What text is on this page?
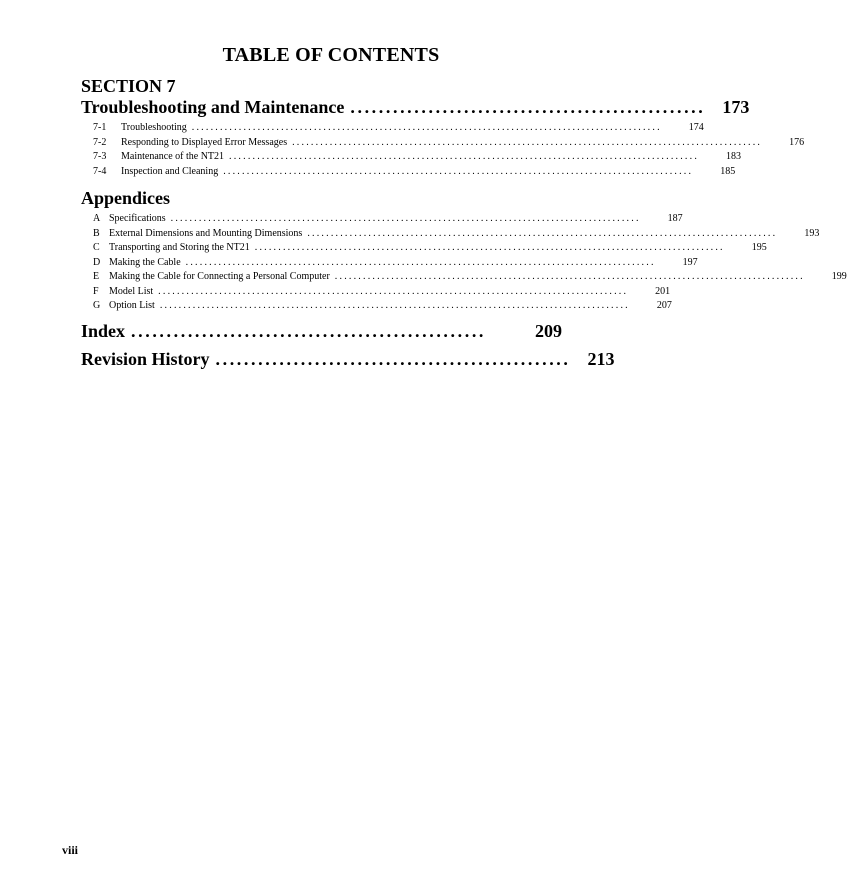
TABLE OF CONTENTS
SECTION 7
Troubleshooting and Maintenance .................................................. 173
7-1	Troubleshooting ....................................................................................................	174
7-2	Responding to Displayed Error Messages ....................................................................................................	176
7-3	Maintenance of the NT21 ....................................................................................................	183
7-4	Inspection and Cleaning ....................................................................................................	185
Appendices
A Specifications ....................................................................................................	187
B External Dimensions and Mounting Dimensions ....................................................................................................	193
C Transporting and Storing the NT21 ....................................................................................................	195
D Making the Cable ....................................................................................................	197
E Making the Cable for Connecting a Personal Computer ....................................................................................................	199
F	Model List ....................................................................................................	201
G Option List ....................................................................................................	207
Index ..................................................	209
Revision History .................................................. 213
viii
